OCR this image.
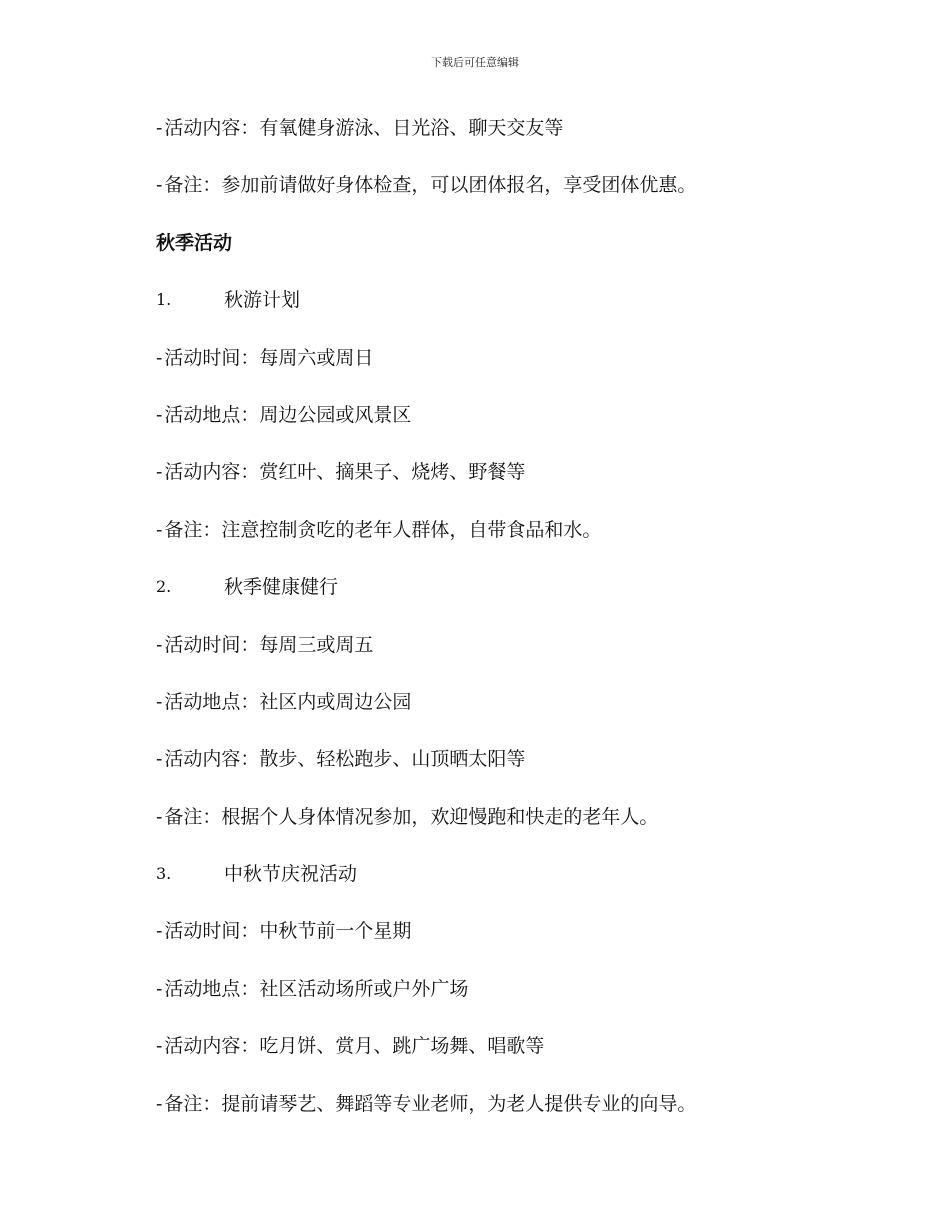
下载后可任意编辑
- 活动内容：有氧健身游泳、日光浴、聊天交友等
- 备注：参加前请做好身体检查，可以团体报名，享受团体优惠。
秋季活动
1.	秋游计划
- 活动时间：每周六或周日
- 活动地点：周边公园或风景区
- 活动内容：赏红叶、摘果子、烧烤、野餐等
- 备注：注意控制贪吃的老年人群体，自带食品和水。
2.	秋季健康健行
- 活动时间：每周三或周五
- 活动地点：社区内或周边公园
- 活动内容：散步、轻松跑步、山顶晒太阳等
- 备注：根据个人身体情况参加，欢迎慢跑和快走的老年人。
3.	中秋节庆祝活动
- 活动时间：中秋节前一个星期
- 活动地点：社区活动场所或户外广场
- 活动内容：吃月饼、赏月、跳广场舞、唱歌等
- 备注：提前请琴艺、舞蹈等专业老师，为老人提供专业的向导。
